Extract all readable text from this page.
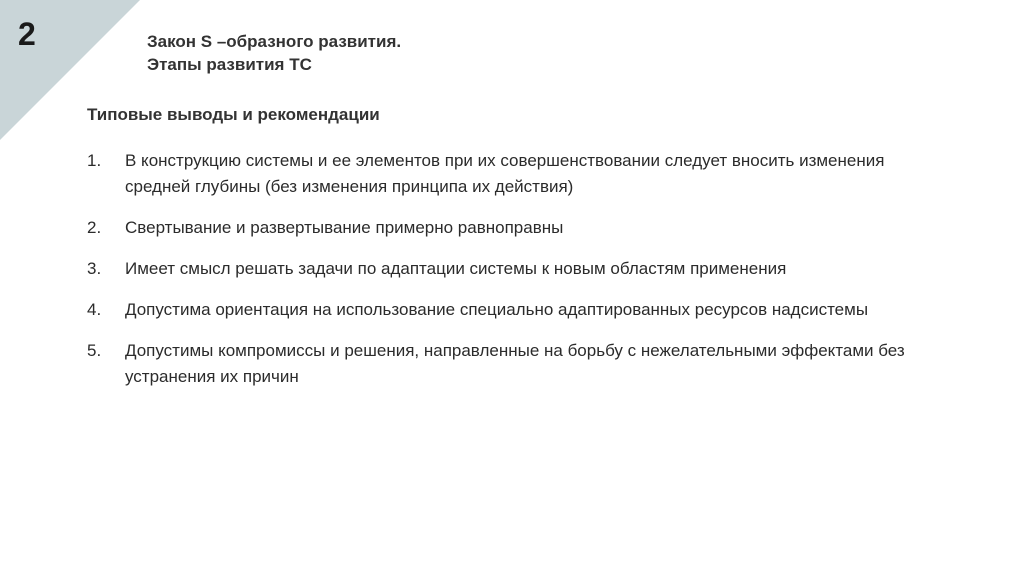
2	Закон S –образного развития.
Этапы развития ТС
Типовые выводы и рекомендации
1. В конструкцию системы и ее элементов при их совершенствовании следует вносить изменения средней глубины (без изменения принципа их действия)
2. Свертывание и развертывание примерно равноправны
3. Имеет смысл решать задачи по адаптации системы к новым областям применения
4. Допустима ориентация на использование специально адаптированных ресурсов надсистемы
5. Допустимы компромиссы и решения, направленные на борьбу с нежелательными эффектами без устранения их причин
